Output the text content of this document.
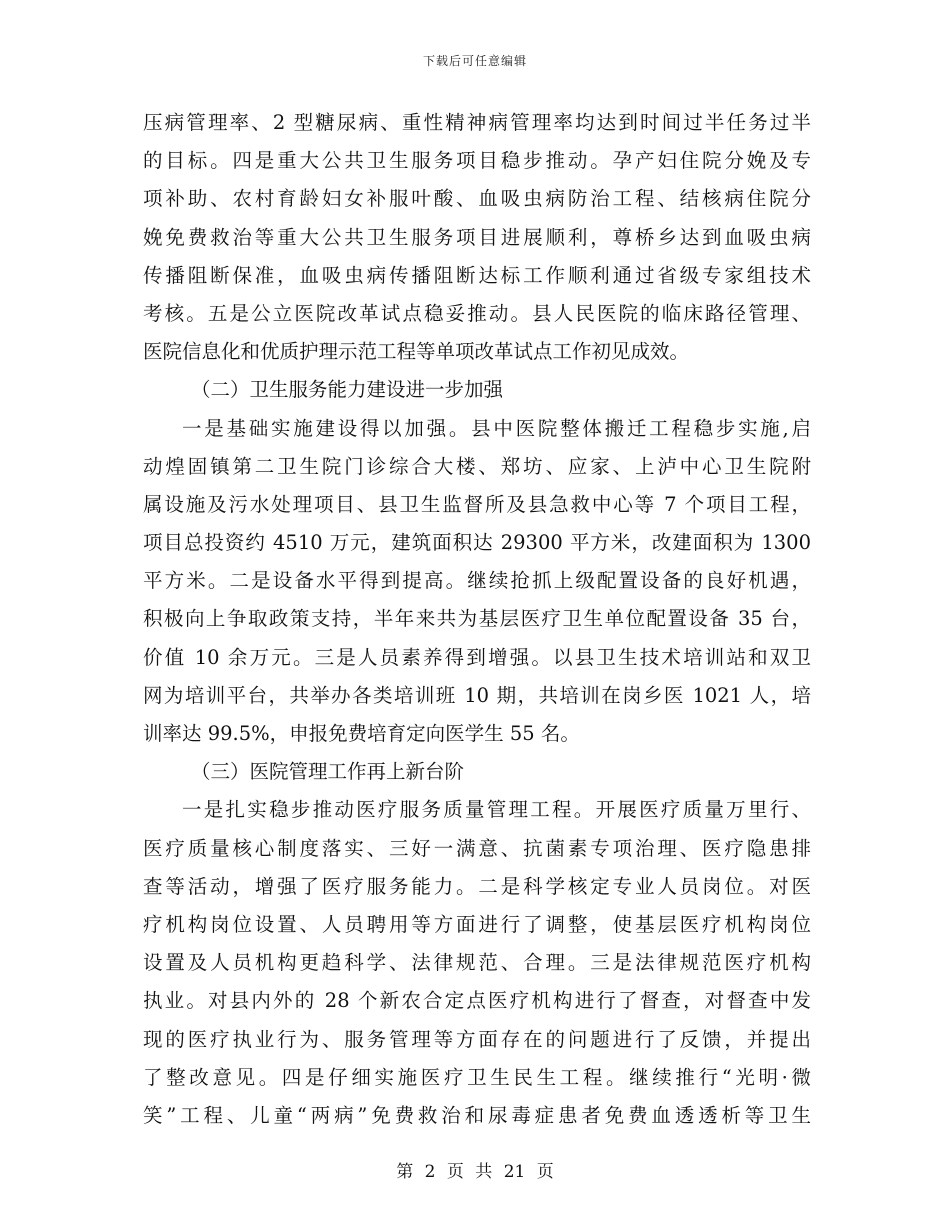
下载后可任意编辑
压病管理率、2 型糖尿病、重性精神病管理率均达到时间过半任务过半
的目标。四是重大公共卫生服务项目稳步推动。孕产妇住院分娩及专
项补助、农村育龄妇女补服叶酸、血吸虫病防治工程、结核病住院分
娩免费救治等重大公共卫生服务项目进展顺利，尊桥乡达到血吸虫病
传播阻断保准，血吸虫病传播阻断达标工作顺利通过省级专家组技术
考核。五是公立医院改革试点稳妥推动。县人民医院的临床路径管理、
医院信息化和优质护理示范工程等单项改革试点工作初见成效。
（二）卫生服务能力建设进一步加强
一是基础实施建设得以加强。县中医院整体搬迁工程稳步实施,启
动煌固镇第二卫生院门诊综合大楼、郑坊、应家、上泸中心卫生院附
属设施及污水处理项目、县卫生监督所及县急救中心等 7 个项目工程，
项目总投资约 4510 万元，建筑面积达 29300 平方米，改建面积为 1300
平方米。二是设备水平得到提高。继续抢抓上级配置设备的良好机遇，
积极向上争取政策支持，半年来共为基层医疗卫生单位配置设备 35 台，
价值 10 余万元。三是人员素养得到增强。以县卫生技术培训站和双卫
网为培训平台，共举办各类培训班 10 期，共培训在岗乡医 1021 人，培
训率达 99.5%，申报免费培育定向医学生 55 名。
（三）医院管理工作再上新台阶
一是扎实稳步推动医疗服务质量管理工程。开展医疗质量万里行、
医疗质量核心制度落实、三好一满意、抗菌素专项治理、医疗隐患排
查等活动，增强了医疗服务能力。二是科学核定专业人员岗位。对医
疗机构岗位设置、人员聘用等方面进行了调整，使基层医疗机构岗位
设置及人员机构更趋科学、法律规范、合理。三是法律规范医疗机构
执业。对县内外的 28 个新农合定点医疗机构进行了督查，对督查中发
现的医疗执业行为、服务管理等方面存在的问题进行了反馈，并提出
了整改意见。四是仔细实施医疗卫生民生工程。继续推行“光明·微
笑”工程、儿童“两病”免费救治和尿毒症患者免费血透透析等卫生
第 2 页 共 21 页
